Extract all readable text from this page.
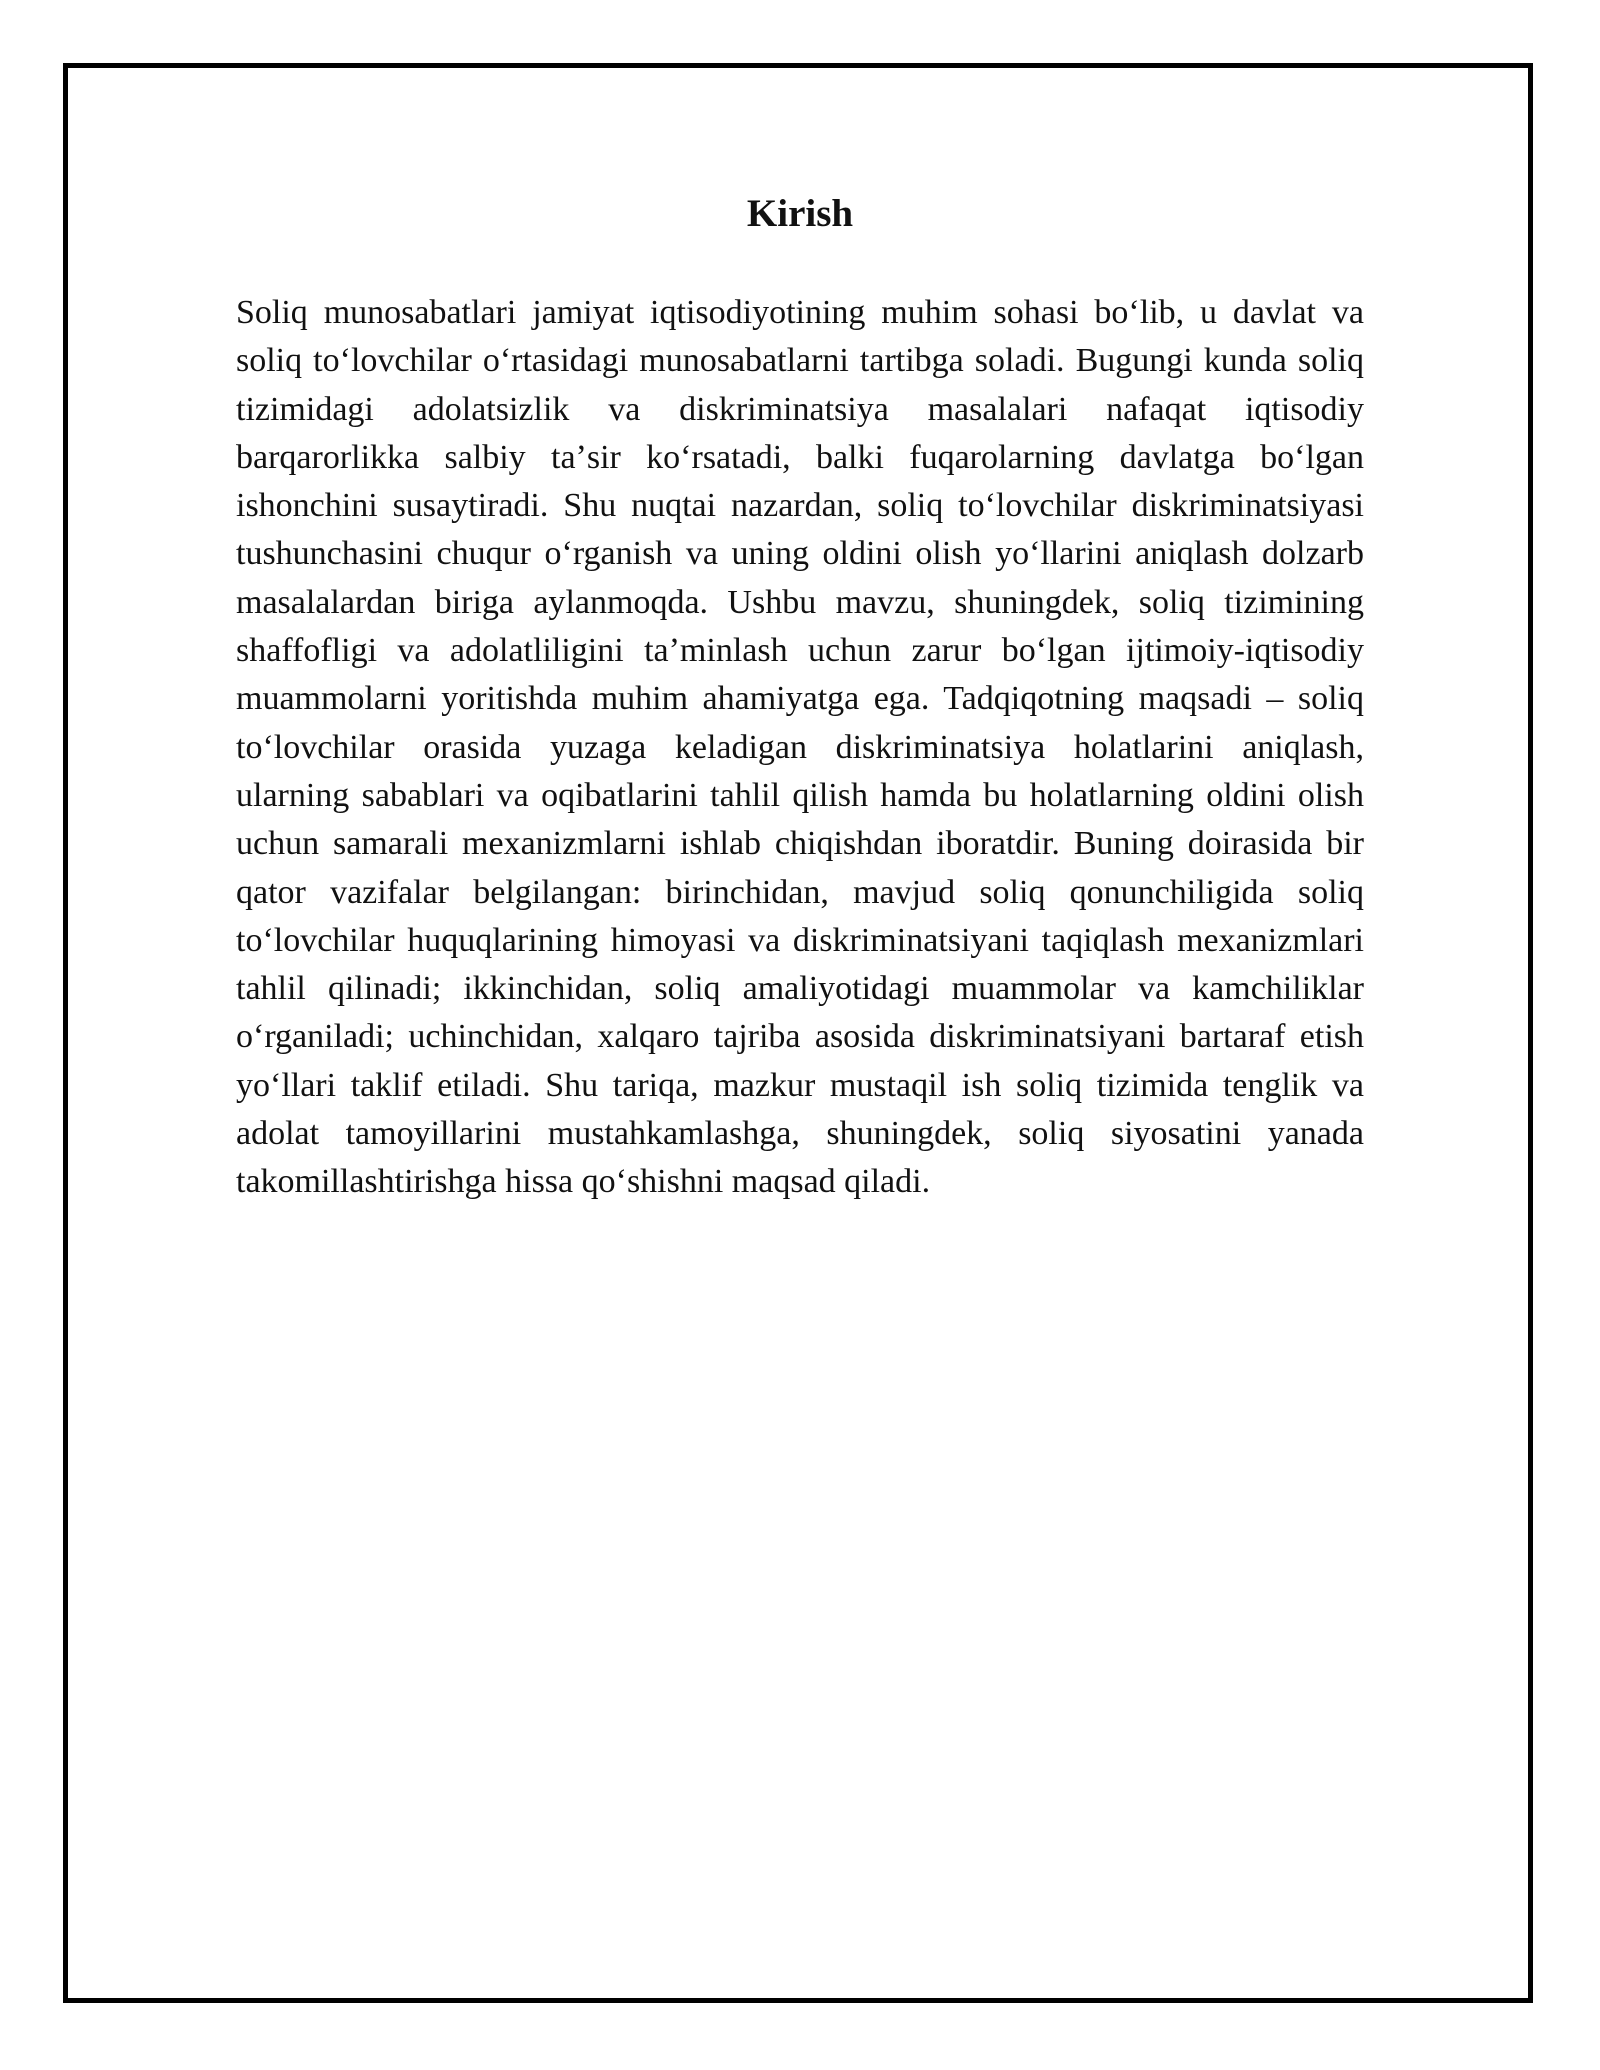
Kirish

Soliq munosabatlari jamiyat iqtisodiyotining muhim sohasi boʻlib, u davlat va soliq toʻlovchilar oʻrtasidagi munosabatlarni tartibga soladi. Bugungi kunda soliq tizimidagi adolatsizlik va diskriminatsiya masalalari nafaqat iqtisodiy barqarorlikka salbiy taʼsir koʻrsatadi, balki fuqarolarning davlatga boʻlgan ishonchini susaytiradi. Shu nuqtai nazardan, soliq toʻlovchilar diskriminatsiyasi tushunchasini chuqur oʻrganish va uning oldini olish yoʻllarini aniqlash dolzarb masalalardan biriga aylanmoqda. Ushbu mavzu, shuningdek, soliq tizimining shaffofligi va adolatliligini taʼminlash uchun zarur boʻlgan ijtimoiy-iqtisodiy muammolarni yoritishda muhim ahamiyatga ega. Tadqiqotning maqsadi – soliq toʻlovchilar orasida yuzaga keladigan diskriminatsiya holatlarini aniqlash, ularning sabablari va oqibatlarini tahlil qilish hamda bu holatlarning oldini olish uchun samarali mexanizmlarni ishlab chiqishdan iboratdir. Buning doirasida bir qator vazifalar belgilangan: birinchidan, mavjud soliq qonunchiligida soliq toʻlovchilar huquqlarining himoyasi va diskriminatsiyani taqiqlash mexanizmlari tahlil qilinadi; ikkinchidan, soliq amaliyotidagi muammolar va kamchiliklar oʻrganiladi; uchinchidan, xalqaro tajriba asosida diskriminatsiyani bartaraf etish yoʻllari taklif etiladi. Shu tariqa, mazkur mustaqil ish soliq tizimida tenglik va adolat tamoyillarini mustahkamlashga, shuningdek, soliq siyosatini yanada takomillashtirishga hissa qoʻshishni maqsad qiladi.
